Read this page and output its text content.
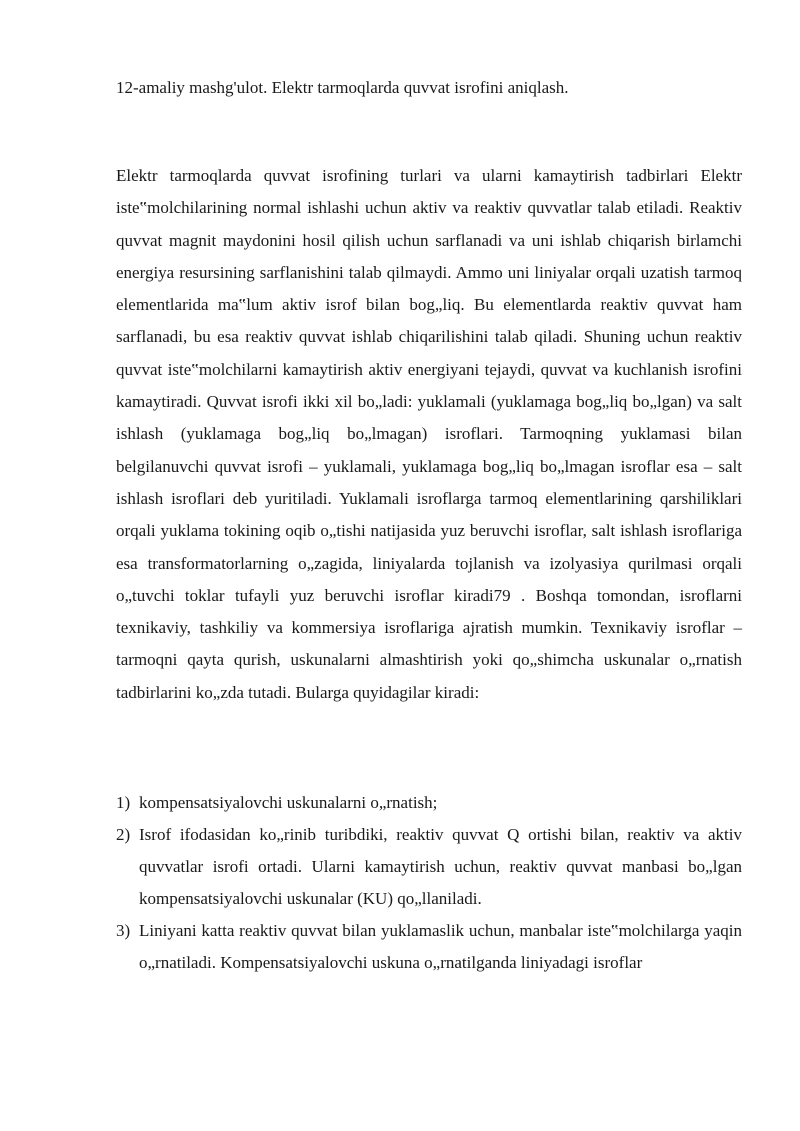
12-amaliy mashg'ulot. Elektr tarmoqlarda quvvat isrofini aniqlash.

Elektr tarmoqlarda quvvat isrofining turlari va ularni kamaytirish tadbirlari Elektr iste‟molchilarining normal ishlashi uchun aktiv va reaktiv quvvatlar talab etiladi. Reaktiv quvvat magnit maydonini hosil qilish uchun sarflanadi va uni ishlab chiqarish birlamchi energiya resursining sarflanishini talab qilmaydi. Ammo uni liniyalar orqali uzatish tarmoq elementlarida ma‟lum aktiv isrof bilan bog„liq. Bu elementlarda reaktiv quvvat ham sarflanadi, bu esa reaktiv quvvat ishlab chiqarilishini talab qiladi. Shuning uchun reaktiv quvvat iste‟molchilarni kamaytirish aktiv energiyani tejaydi, quvvat va kuchlanish isrofini kamaytiradi. Quvvat isrofi ikki xil bo„ladi: yuklamali (yuklamaga bog„liq bo„lgan) va salt ishlash (yuklamaga bog„liq bo„lmagan) isroflari. Tarmoqning yuklamasi bilan belgilanuvchi quvvat isrofi – yuklamali, yuklamaga bog„liq bo„lmagan isroflar esa – salt ishlash isroflari deb yuritiladi. Yuklamali isroflarga tarmoq elementlarining qarshiliklari orqali yuklama tokining oqib o„tishi natijasida yuz beruvchi isroflar, salt ishlash isroflariga esa transformatorlarning o„zagida, liniyalarda tojlanish va izolyasiya qurilmasi orqali o„tuvchi toklar tufayli yuz beruvchi isroflar kiradi79 . Boshqa tomondan, isroflarni texnikaviy, tashkiliy va kommersiya isroflariga ajratish mumkin. Texnikaviy isroflar – tarmoqni qayta qurish, uskunalarni almashtirish yoki qo„shimcha uskunalar o„rnatish tadbirlarini ko„zda tutadi. Bularga quyidagilar kiradi:

1) kompensatsiyalovchi uskunalarni o„rnatish;
2) Isrof ifodasidan ko„rinib turibdiki, reaktiv quvvat Q ortishi bilan, reaktiv va aktiv quvvatlar isrofi ortadi. Ularni kamaytirish uchun, reaktiv quvvat manbasi bo„lgan kompensatsiyalovchi uskunalar (KU) qo„llaniladi.
3) Liniyani katta reaktiv quvvat bilan yuklamaslik uchun, manbalar iste‟molchilarga yaqin o„rnatiladi. Kompensatsiyalovchi uskuna o„rnatilganda liniyadagi isroflar
